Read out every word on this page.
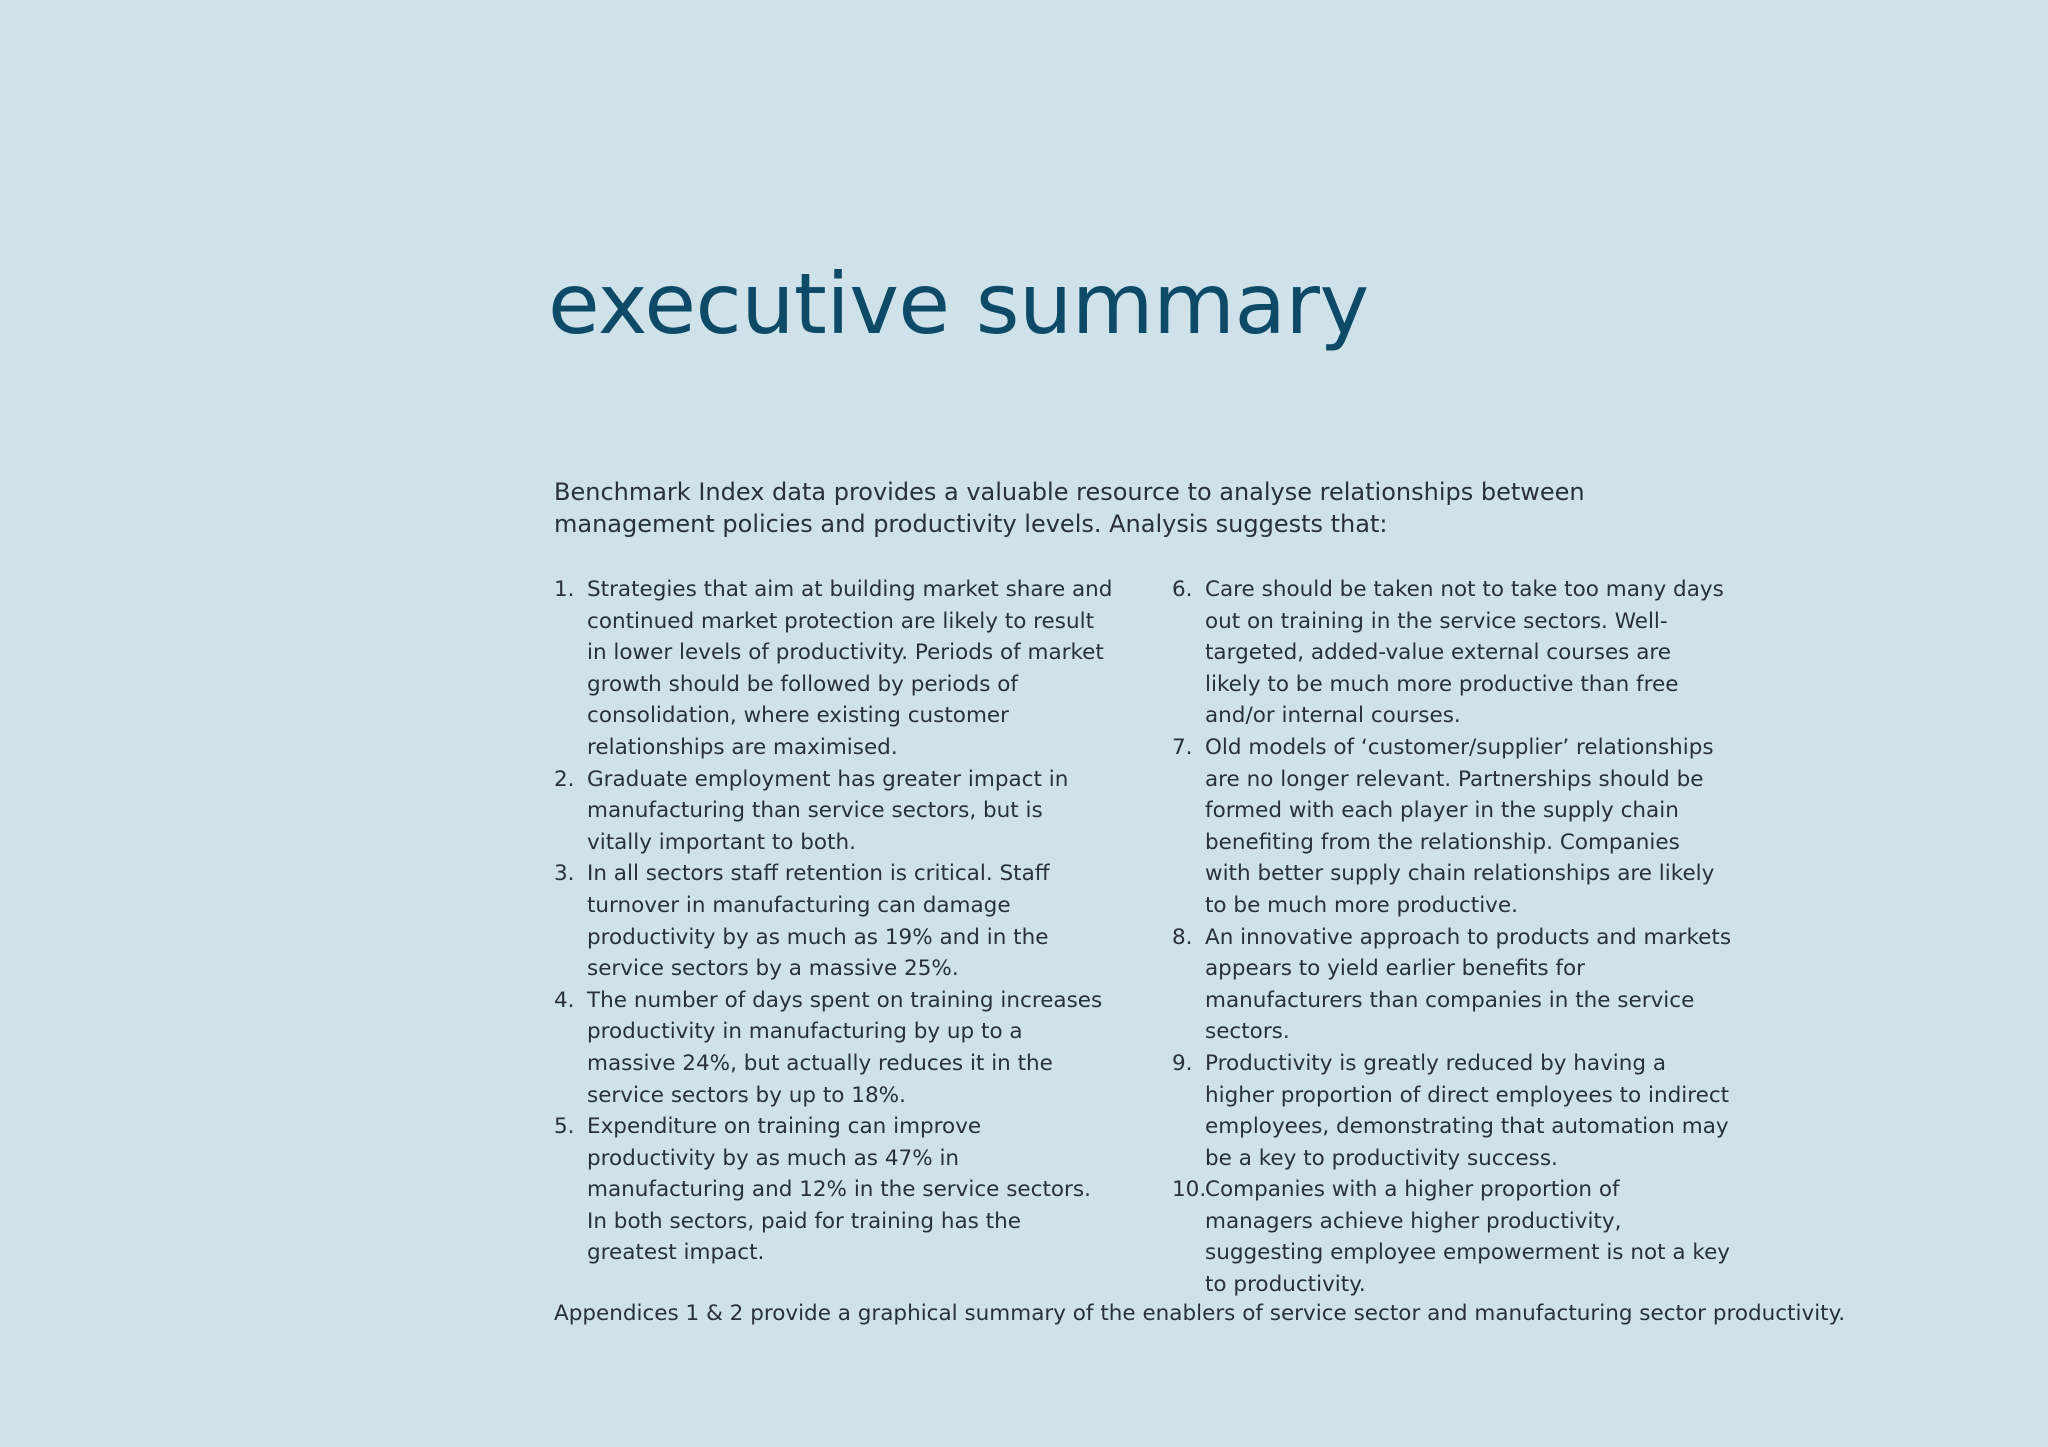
executive summary

Benchmark Index data provides a valuable resource to analyse relationships between management policies and productivity levels. Analysis suggests that:

1. Strategies that aim at building market share and continued market protection are likely to result in lower levels of productivity. Periods of market growth should be followed by periods of consolidation, where existing customer relationships are maximised.
2. Graduate employment has greater impact in manufacturing than service sectors, but is vitally important to both.
3. In all sectors staff retention is critical. Staff turnover in manufacturing can damage productivity by as much as 19% and in the service sectors by a massive 25%.
4. The number of days spent on training increases productivity in manufacturing by up to a massive 24%, but actually reduces it in the service sectors by up to 18%.
5. Expenditure on training can improve productivity by as much as 47% in manufacturing and 12% in the service sectors. In both sectors, paid for training has the greatest impact.
6. Care should be taken not to take too many days out on training in the service sectors. Well-targeted, added-value external courses are likely to be much more productive than free and/or internal courses.
7. Old models of ‘customer/supplier’ relationships are no longer relevant. Partnerships should be formed with each player in the supply chain benefiting from the relationship. Companies with better supply chain relationships are likely to be much more productive.
8. An innovative approach to products and markets appears to yield earlier benefits for manufacturers than companies in the service sectors.
9. Productivity is greatly reduced by having a higher proportion of direct employees to indirect employees, demonstrating that automation may be a key to productivity success.
10.
Companies with a higher proportion of managers achieve higher productivity, suggesting employee empowerment is not a key to productivity.

Appendices 1 & 2 provide a graphical summary of the enablers of service sector and manufacturing sector productivity.
